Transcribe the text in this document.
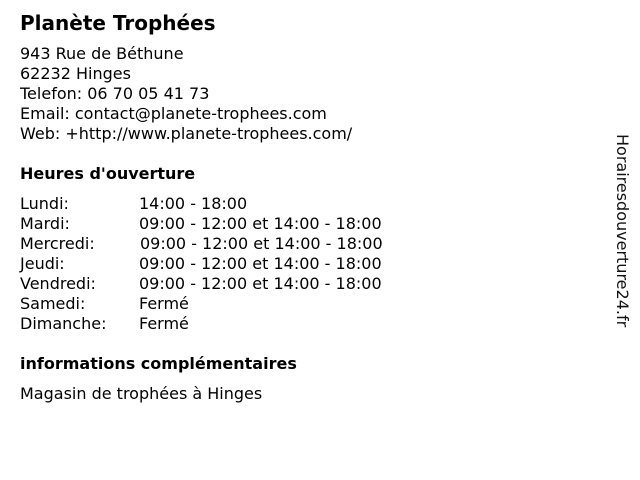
Planète Trophées
943 Rue de Béthune
62232 Hinges
Telefon: 06 70 05 41 73
Email: contact@planete-trophees.com
Web: +http://www.planete-trophees.com/
Heures d'ouverture
Lundi:	14:00 - 18:00
Mardi:	09:00 - 12:00 et 14:00 - 18:00
Mercredi:	09:00 - 12:00 et 14:00 - 18:00
Jeudi:	09:00 - 12:00 et 14:00 - 18:00
Vendredi:	09:00 - 12:00 et 14:00 - 18:00
Samedi:	Fermé
Dimanche: Fermé
informations complémentaires
Magasin de trophées à Hinges
Horairesdouverture24.fr
